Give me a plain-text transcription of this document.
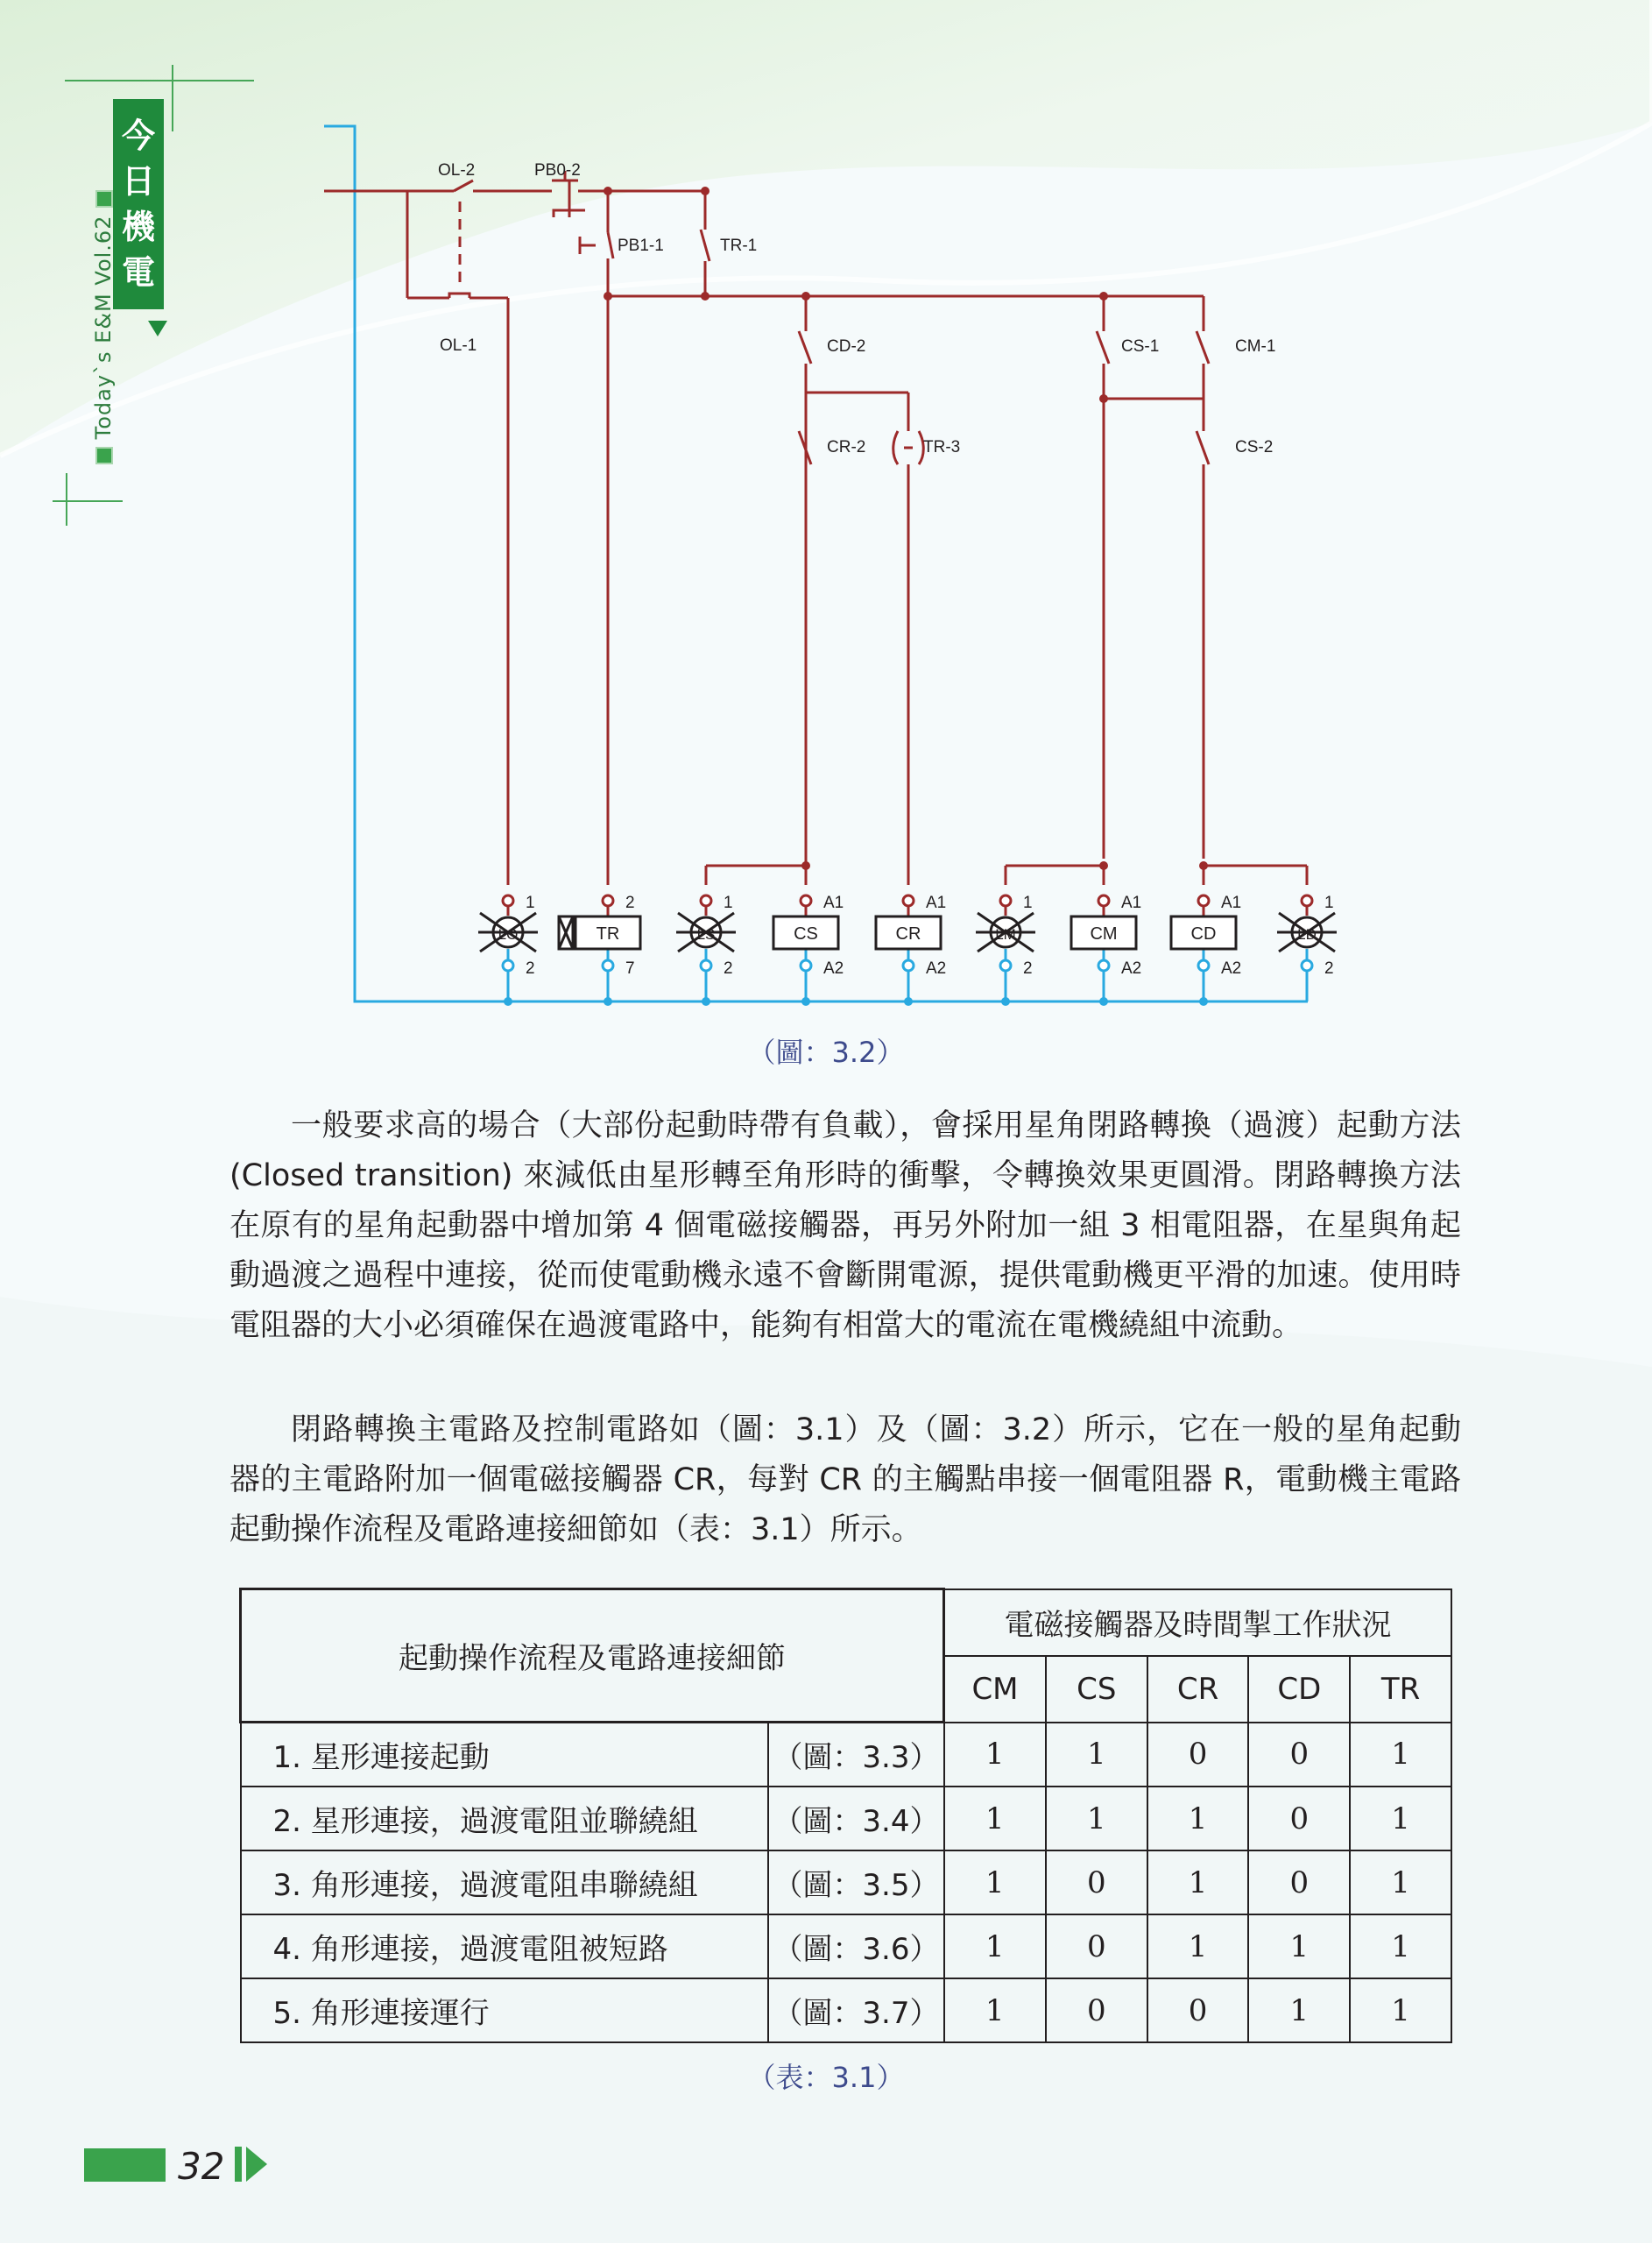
今
日
機
電
Today`s E&M Vol.62
OL-2	PB0-2
PB1-1	TR-1
OL-1	CD-2	CS-1	CM-1
CR-2	TR-3	CS-2
LO
1
2
TR
2
7
LS
1
2
CS
A1
A2
CR
A1
A2
LM
1
2
CM
A1
A2
CD
A1
A2
LD
1
2
（圖：3.2）

一般要求高的場合（大部份起動時帶有負載），會採用星角閉路轉換（過渡）起動方法 (Closed transition) 來減低由星形轉至角形時的衝擊，令轉換效果更圓滑。閉路轉換方法在原有的星角起動器中增加第 4 個電磁接觸器，再另外附加一組 3 相電阻器，在星與角起動過渡之過程中連接，從而使電動機永遠不會斷開電源，提供電動機更平滑的加速。使用時電阻器的大小必須確保在過渡電路中，能夠有相當大的電流在電機繞組中流動。

閉路轉換主電路及控制電路如（圖：3.1）及（圖：3.2）所示，它在一般的星角起動器的主電路附加一個電磁接觸器 CR，每對 CR 的主觸點串接一個電阻器 R，電動機主電路起動操作流程及電路連接細節如（表：3.1）所示。

起動操作流程及電路連接細節		電磁接觸器及時間掣工作狀況				
		CM	CS	CR	CD	TR
1. 星形連接起動	（圖：3.3）	1	1	0	0	1
2. 星形連接，過渡電阻並聯繞組	（圖：3.4）	1	1	1	0	1
3. 角形連接，過渡電阻串聯繞組	（圖：3.5）	1	0	1	0	1
4. 角形連接，過渡電阻被短路	（圖：3.6）	1	0	1	1	1
5. 角形連接運行	（圖：3.7）	1	0	0	1	1
（表：3.1）
32
